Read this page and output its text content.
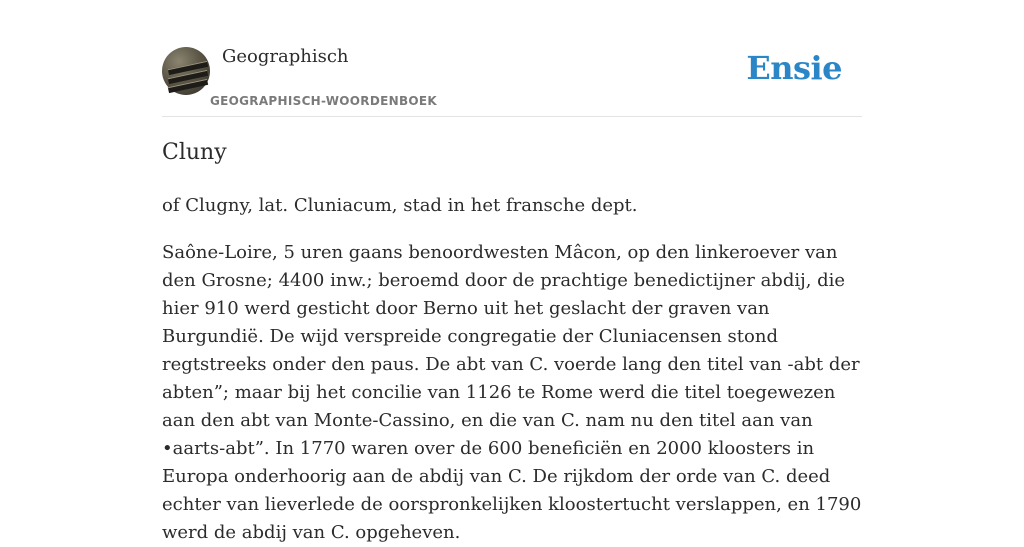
Geographisch
GEOGRAPHISCH-WOORDENBOEK
Ensie
Cluny

of Clugny, lat. Cluniacum, stad in het fransche dept.

Saône-Loire, 5 uren gaans benoordwesten Mâcon, op den linkeroever van den Grosne; 4400 inw.; beroemd door de prachtige benedictijner abdij, die hier 910 werd gesticht door Berno uit het geslacht der graven van Burgundië. De wijd verspreide congregatie der Cluniacensen stond regtstreeks onder den paus. De abt van C. voerde lang den titel van -abt der abten”; maar bij het concilie van 1126 te Rome werd die titel toegewezen aan den abt van Monte-Cassino, en die van C. nam nu den titel aan van •aarts-abt”. In 1770 waren over de 600 beneficiën en 2000 kloosters in Europa onderhoorig aan de abdij van C. De rijkdom der orde van C. deed echter van lieverlede de oorspronkelijken kloostertucht verslappen, en 1790 werd de abdij van C. opgeheven.
